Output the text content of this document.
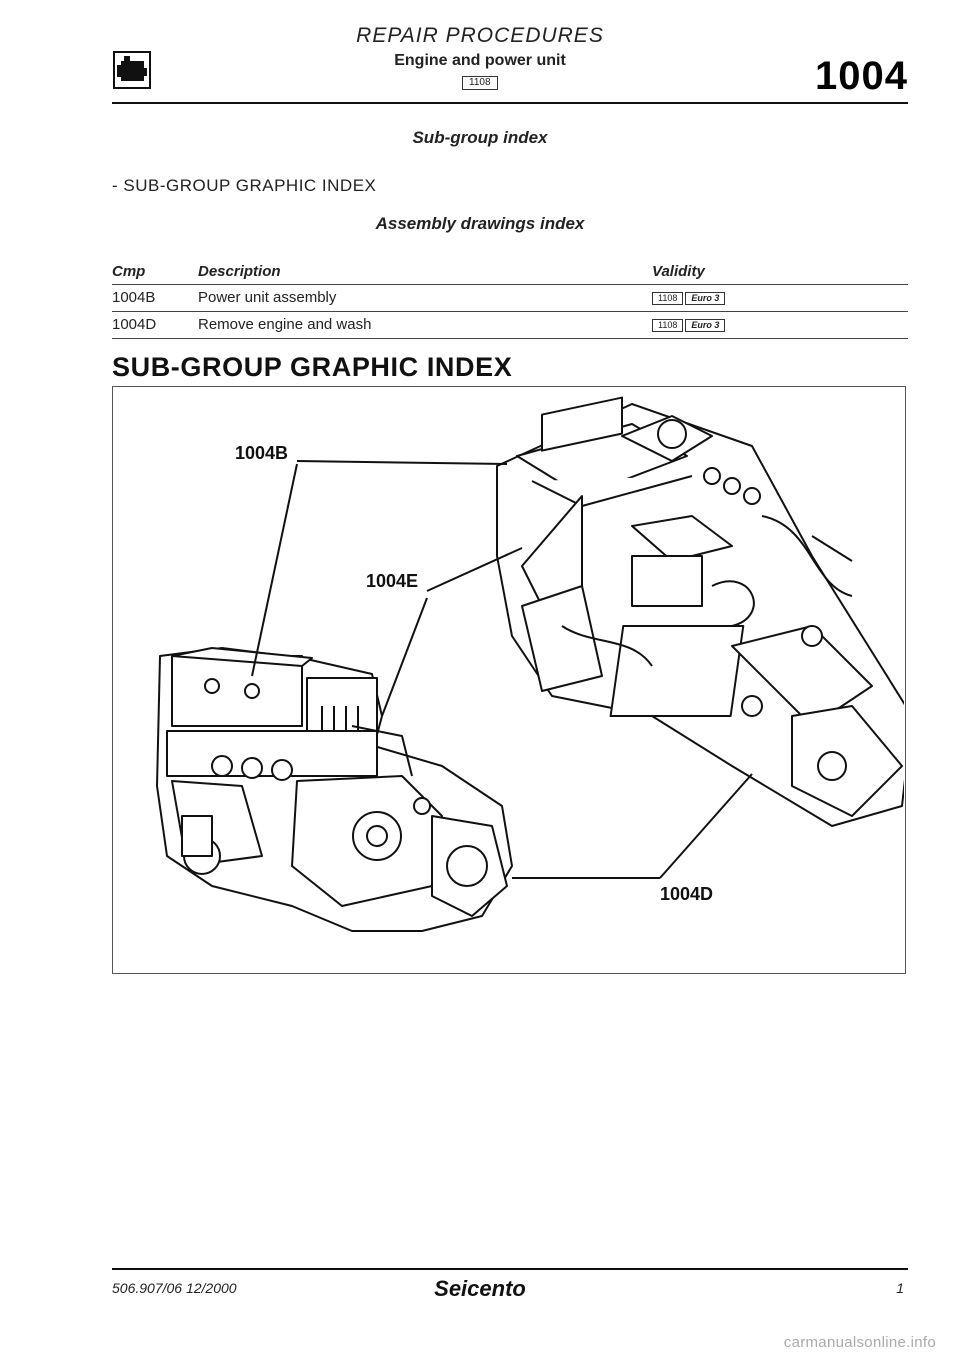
REPAIR PROCEDURES
Engine and power unit
1108	1004
Sub-group index
- SUB-GROUP GRAPHIC INDEX
Assembly drawings index
Cmp	Description	Validity
1004B	Power unit assembly	1108 Euro 3
1004D	Remove engine and wash	1108 Euro 3
SUB-GROUP GRAPHIC INDEX
1004B
1004E
1004D
506.907/06 12/2000	Seicento	1
carmanualsonline.info
